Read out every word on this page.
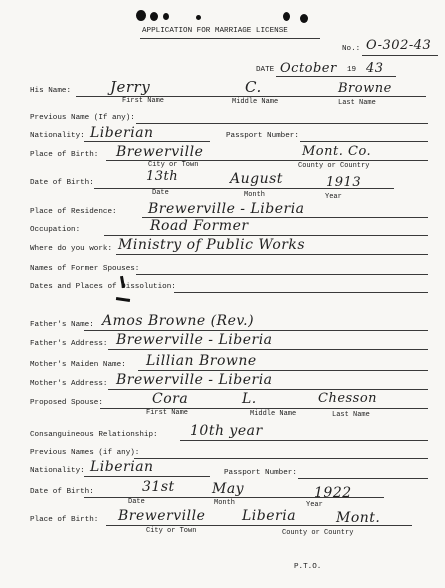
APPLICATION FOR MARRIAGE LICENSE
No.: O-302-43
DATE October 19 43
His Name:	Jerry	C.	Browne
First Name	Middle Name	Last Name
Previous Name (If any):
Nationality: Liberian	Passport Number:
Place of Birth: Brewerville	Mont. Co.
City or Town	County or Country
Date of Birth:	13th	August	1913
Date	Month	Year
Place of Residence: Brewerville - Liberia
Occupation:	Road Former
Where do you work: Ministry of Public Works
Names of Former Spouses:
Dates and Places of Dissolution:
Father's Name: Amos Browne (Rev.)
Father's Address: Brewerville - Liberia
Mother's Maiden Name: Lillian Browne
Mother's Address: Brewerville - Liberia
Proposed Spouse:	Cora	L.	Chesson
First Name	Middle Name	Last Name
Consanguineous Relationship: 10th year
Previous Names (if any):
Nationality: Liberian	Passport Number:
Date of Birth:	31st	May	1922
Date	Month	Year
Place of Birth: Brewerville	Liberia	Mont.
City or Town	County or Country
P.T.O.
